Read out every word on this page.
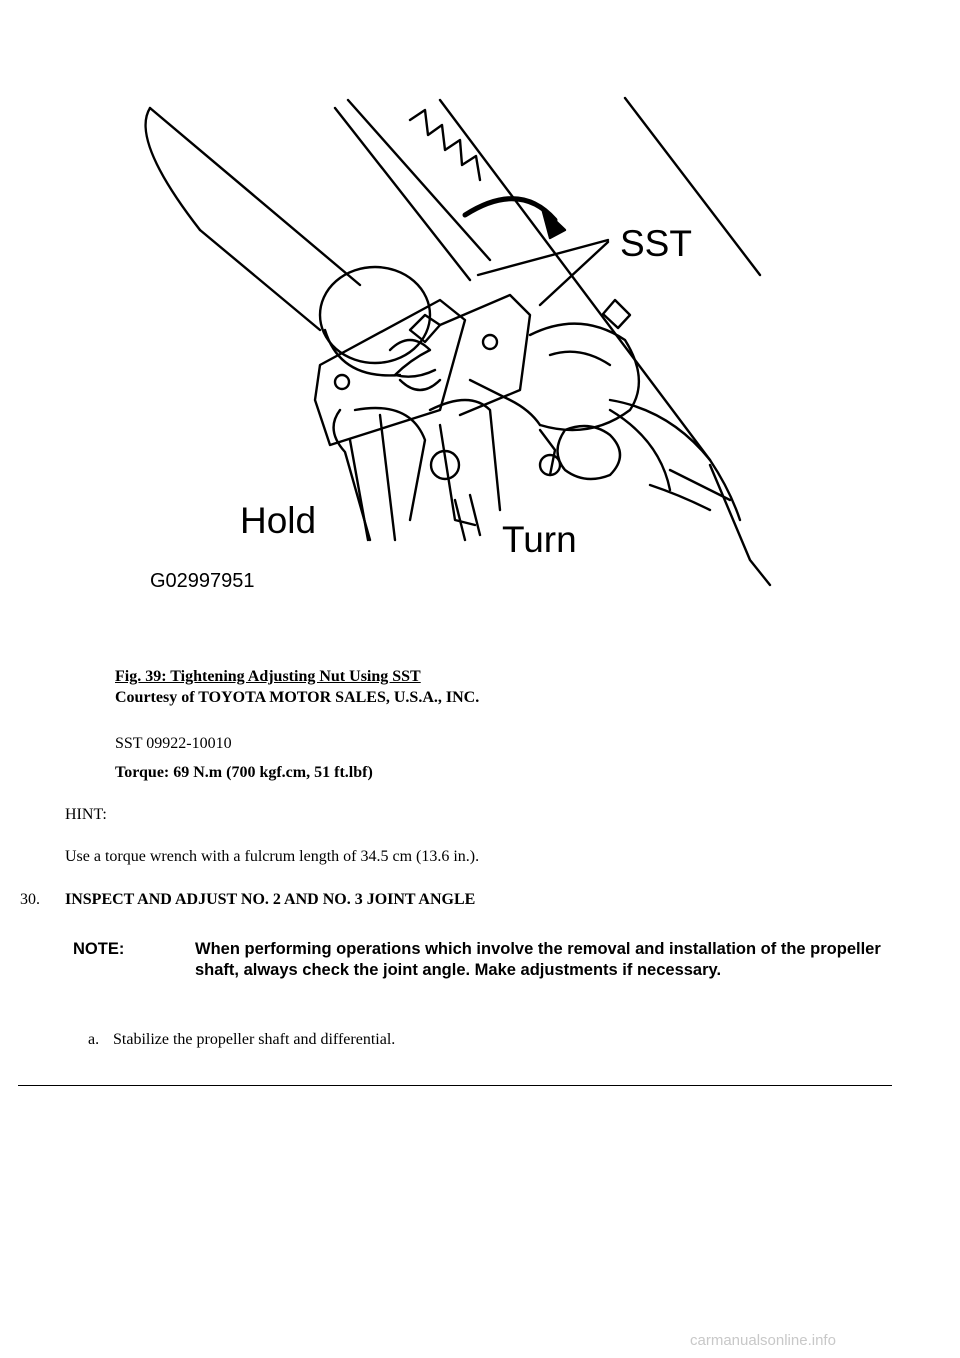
SST
Hold	Turn
G02997951
Fig. 39: Tightening Adjusting Nut Using SST
Courtesy of TOYOTA MOTOR SALES, U.S.A., INC.
SST 09922-10010
Torque: 69 N.m (700 kgf.cm, 51 ft.lbf)
HINT:
Use a torque wrench with a fulcrum length of 34.5 cm (13.6 in.).
30. INSPECT AND ADJUST NO. 2 AND NO. 3 JOINT ANGLE
NOTE:	When performing operations which involve the removal and installation of the propeller shaft, always check the joint angle. Make adjustments if necessary.
a. Stabilize the propeller shaft and differential.
carmanualsonline.info
